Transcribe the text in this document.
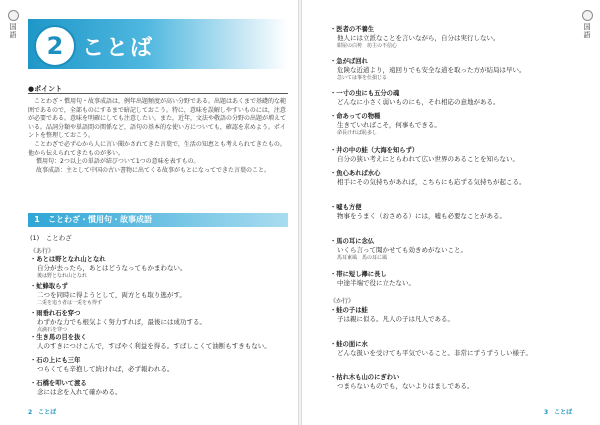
国語
国語
2 ことば
●ポイント

ことわざ・慣用句・故事成語は，例年出題頻度が高い分野である。出題はあくまで基礎的な範囲であるので，全部ものにするまで暗記しておこう。特に，意味を誤解しやすいものには，注意が必要である。意味を明確にしても注意したい。また，近年，文法や敬語の分野の出題が増えている。品詞分類や単語間の関係など，語句の基本的な使い方についても，確認を求めよう。ポイントを整理しておこう。

ことわざで必ず心から人に言い聞かされてきた言葉で，生活の知恵とも考えられてきたもの。他から伝えられてきたものが多い。

慣用句：2つ以上の単語が結びついて1つの意味を表すもの。

故事成語：主として中国の古い書物に出てくる故事がもとになってできた言葉のこと。

1	ことわざ・慣用句・故事成語
(1)　ことわざ
《あ行》
・あとは野となれ山となれ
自分が去ったら，あとはどうなってもかまわない。
後は野となれ山となれ
・虻蜂取らず
二つを同時に得ようとして，両方とも取り逃がす。
二兎を追う者は一兎をも得ず
・雨垂れ石を穿つ
わずかな力でも根気よく努力すれば，最後には成功する。
点滴石を穿つ
・生き馬の目を抜く
人のすきにつけこんで，すばやく利益を得る。すばしこくて油断もすきもない。
・石の上にも三年
つらくても辛抱して続ければ，必ず報われる。
・石橋を叩いて渡る
念には念を入れて確かめる。
・医者の不養生
他人には立派なことを言いながら，自分は実行しない。
紺屋の白袴　坊主の不信心
・急がば回れ
危険な近道より，遠回りでも安全な道を取った方が結局は早い。
急いては事を仕損じる
・一寸の虫にも五分の魂
どんなに小さく弱いものにも，それ相応の意地がある。
・命あっての物種
生きていればこそ，何事もできる。
命長ければ恥多し
・井の中の蛙（大海を知らず）
自分の狭い考えにとらわれて広い世界のあることを知らない。
・魚心あれば水心
相手にその気持ちがあれば，こちらにも応ずる気持ちが起こる。
・嘘も方便
物事をうまく（おさめる）には，嘘も必要なことがある。
・馬の耳に念仏
いくら言って聞かせても効きめがないこと。
馬耳東風　馬の耳に風
・帯に短し襷に長し
中途半端で役に立たない。
《か行》
・蛙の子は蛙
子は親に似る。凡人の子は凡人である。
・蛙の面に水
どんな扱いを受けても平気でいること。非常にずうずうしい様子。
・枯れ木も山のにぎわい
つまらないものでも，ないよりはましである。
2　ことば	3　ことば
